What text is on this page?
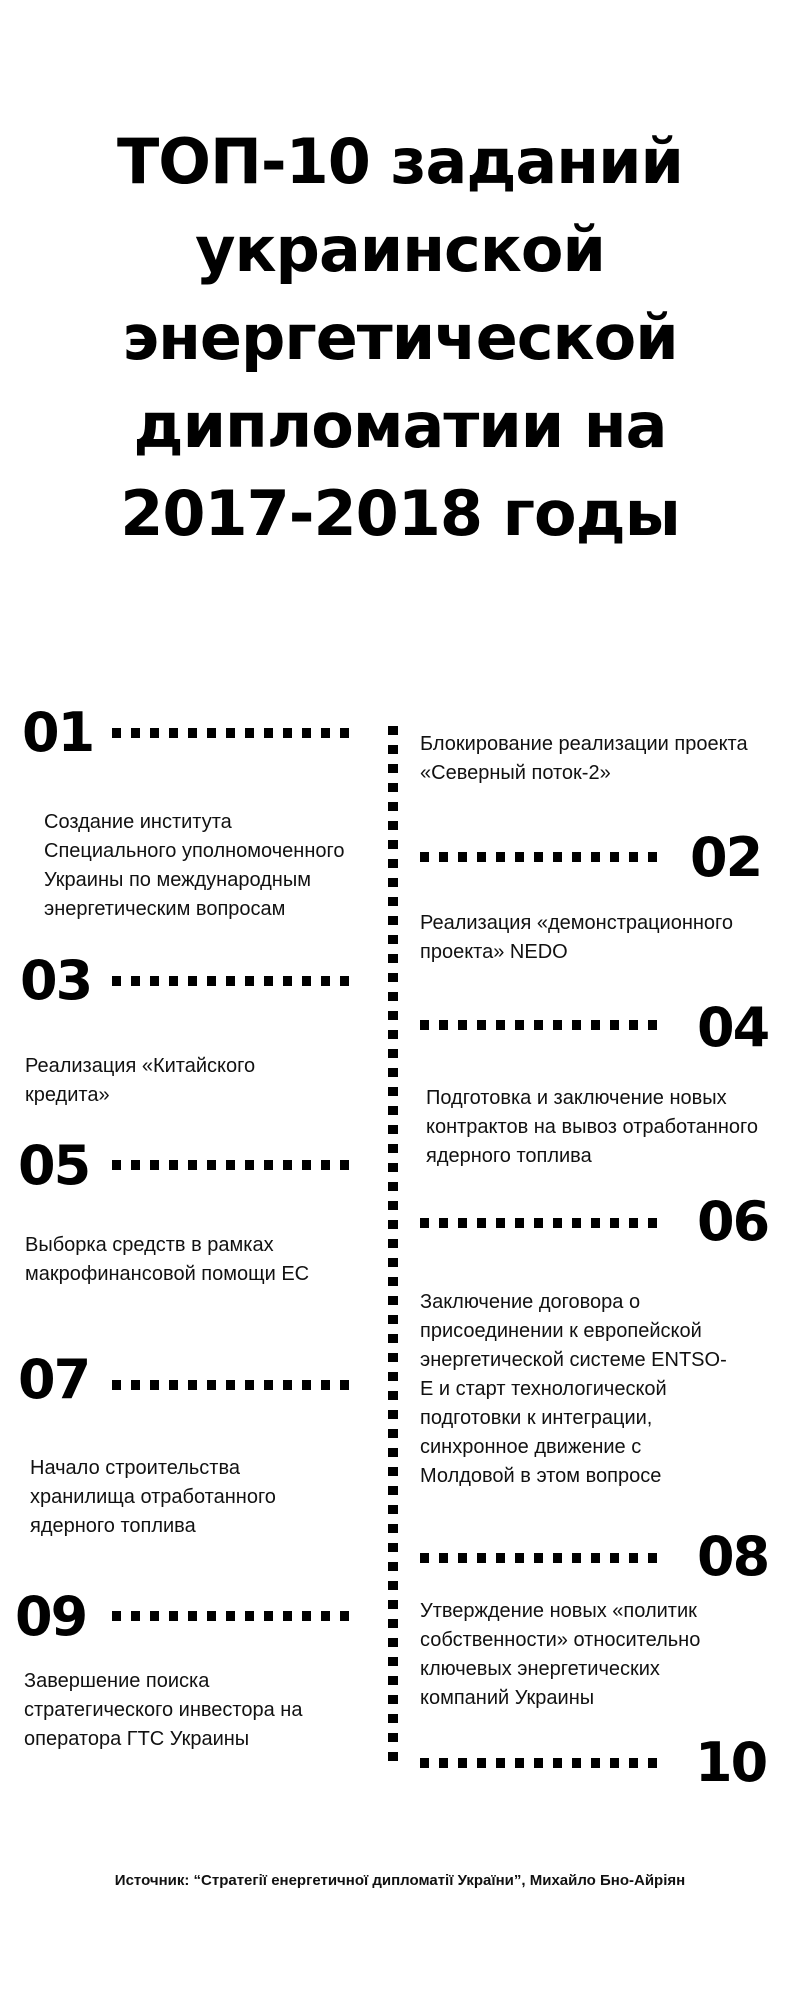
ТОП-10 заданий
украинской
энергетической
дипломатии на
2017-2018 годы
01
Создание института
Специального уполномоченного
Украины по международным
энергетическим вопросам
Блокирование реализации проекта
«Северный поток-2»
02
Реализация «демонстрационного
проекта» NEDO
03
Реализация «Китайского
кредита»
04
Подготовка и заключение новых
контрактов на вывоз отработанного
ядерного топлива
05
Выборка средств в рамках
макрофинансовой помощи ЕС
06
Заключение договора о
присоединении к европейской
энергетической системе ENTSO-
E и старт технологической
подготовки к интеграции,
синхронное движение с
Молдовой в этом вопросе
07
Начало строительства
хранилища отработанного
ядерного топлива	08
Утверждение новых «политик
собственности» относительно
ключевых энергетических
компаний Украины
09
Завершение поиска
стратегического инвестора на
оператора ГТС Украины	10
Источник: “Стратегії енергетичної дипломатії України”, Михайло Бно-Айріян
